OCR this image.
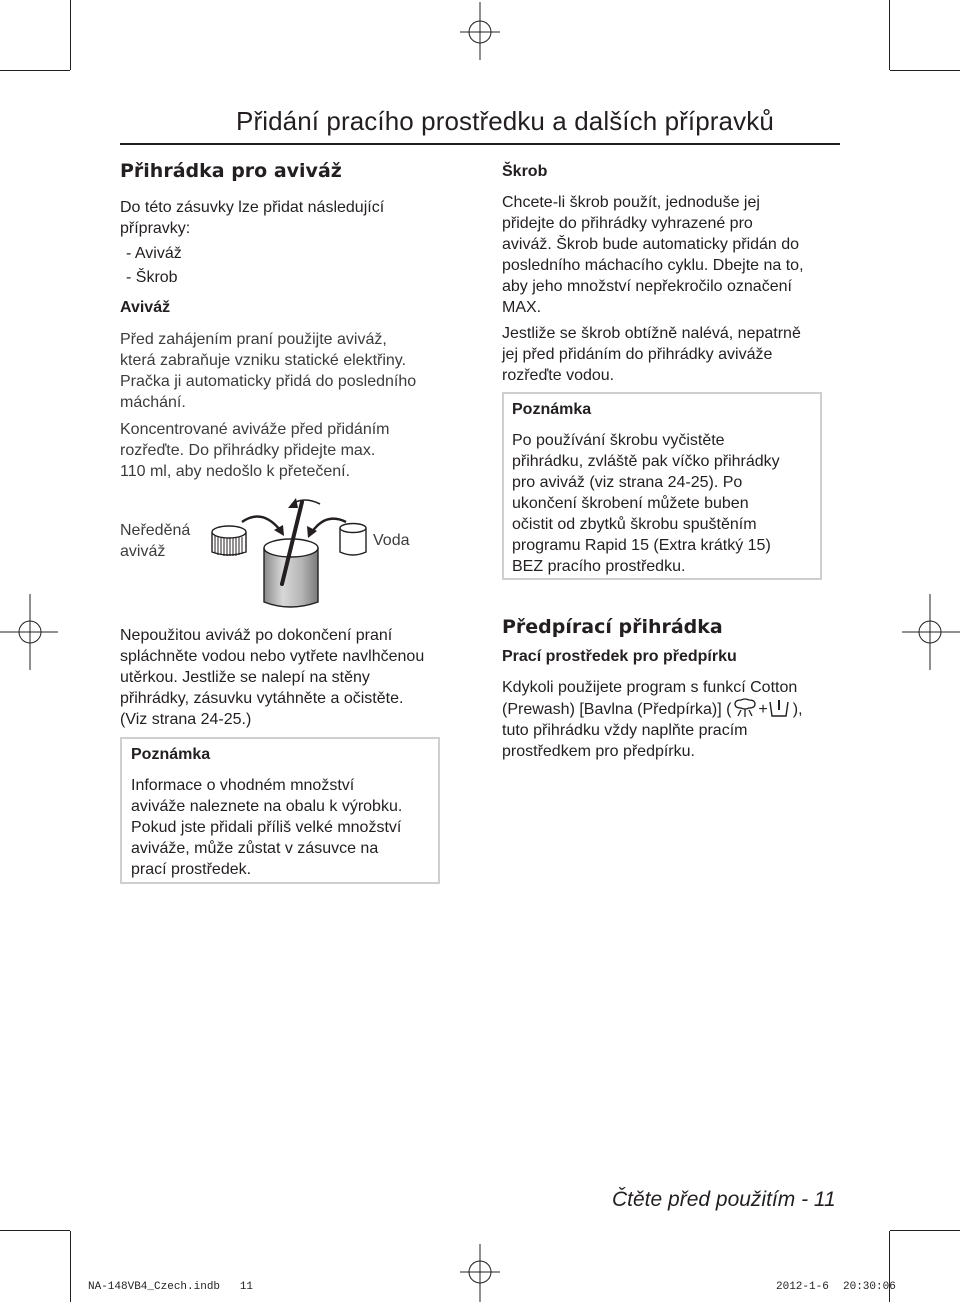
Přidání pracího prostředku a dalších přípravků
Přihrádka pro aviváž
Do této zásuvky lze přidat následující
přípravky:
- Aviváž
- Škrob
Aviváž
Před zahájením praní použijte aviváž,
která zabraňuje vzniku statické elektřiny.
Pračka ji automaticky přidá do posledního
máchání.
Koncentrované aviváže před přidáním
rozřeďte. Do přihrádky přidejte max.
110 ml, aby nedošlo k přetečení.
Neředěná
aviváž
Voda
Nepoužitou aviváž po dokončení praní
spláchněte vodou nebo vytřete navlhčenou
utěrkou. Jestliže se nalepí na stěny
přihrádky, zásuvku vytáhněte a očistěte.
(Viz strana 24-25.)
Poznámka
Informace o vhodném množství
aviváže naleznete na obalu k výrobku.
Pokud jste přidali příliš velké množství
aviváže, může zůstat v zásuvce na
prací prostředek.
Škrob
Chcete-li škrob použít, jednoduše jej
přidejte do přihrádky vyhrazené pro
aviváž. Škrob bude automaticky přidán do
posledního máchacího cyklu. Dbejte na to,
aby jeho množství nepřekročilo označení
MAX.
Jestliže se škrob obtížně nalévá, nepatrně
jej před přidáním do přihrádky aviváže
rozřeďte vodou.
Poznámka
Po používání škrobu vyčistěte
přihrádku, zvláště pak víčko přihrádky
pro aviváž (viz strana 24-25). Po
ukončení škrobení můžete buben
očistit od zbytků škrobu spuštěním
programu Rapid 15 (Extra krátký 15)
BEZ pracího prostředku.
Předpírací přihrádka
Prací prostředek pro předpírku
Kdykoli použijete program s funkcí Cotton
(Prewash) [Bavlna (Předpírka)] ( + ),
tuto přihrádku vždy naplňte pracím
prostředkem pro předpírku.
Čtěte před použitím - 11
NA-148VB4_Czech.indb   11	2012-1-6 20:30:06
